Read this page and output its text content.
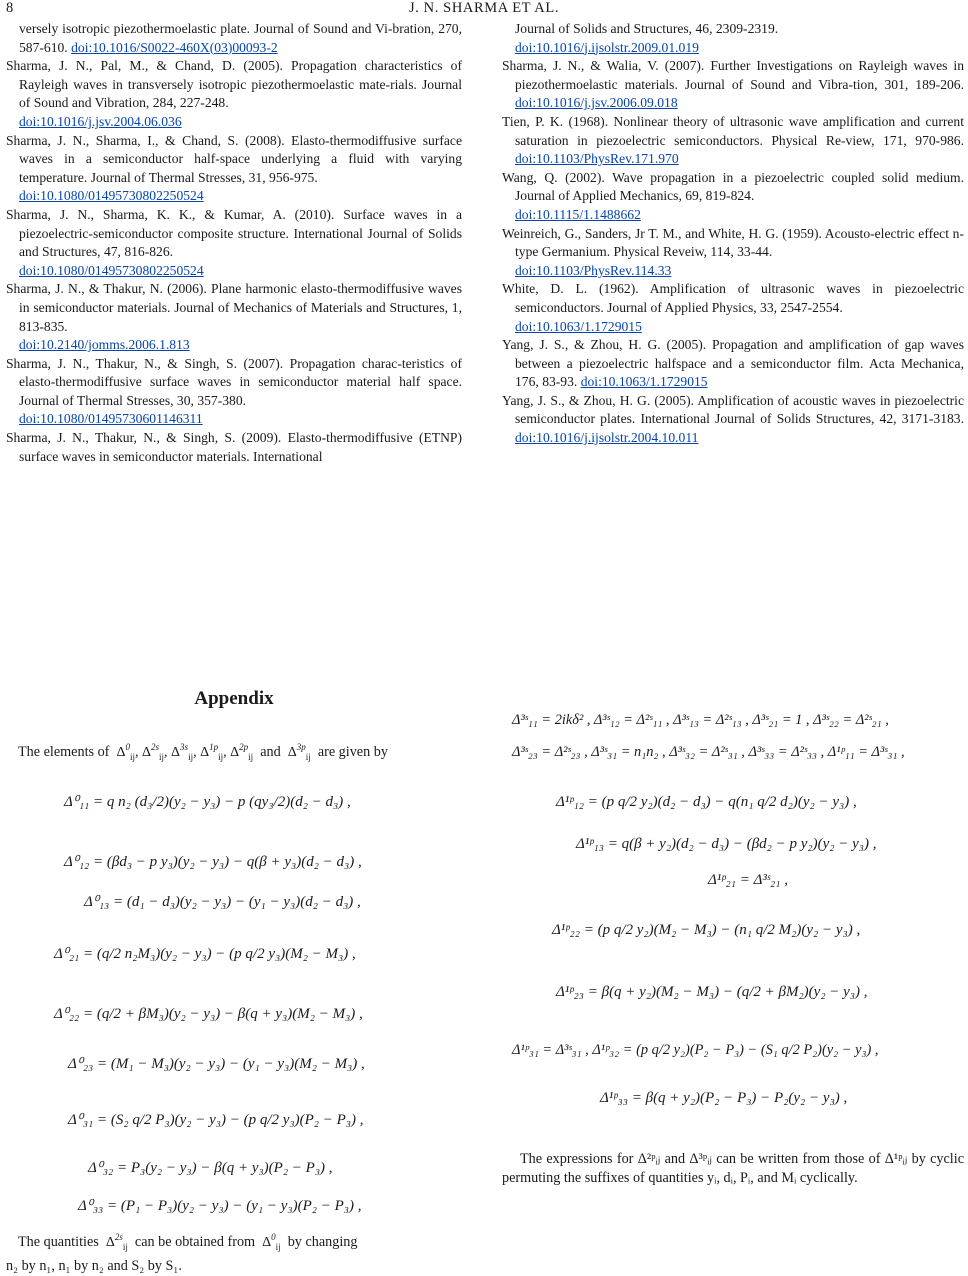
8	J. N. SHARMA ET AL.

versely isotropic piezothermoelastic plate. Journal of Sound and Vi-bration, 270, 587-610. doi:10.1016/S0022-460X(03)00093-2

Sharma, J. N., Pal, M., & Chand, D. (2005). Propagation characteristics of Rayleigh waves in transversely isotropic piezothermoelastic mate-rials. Journal of Sound and Vibration, 284, 227-248.
doi:10.1016/j.jsv.2004.06.036

Sharma, J. N., Sharma, I., & Chand, S. (2008). Elasto-thermodiffusive surface waves in a semiconductor half-space underlying a fluid with varying temperature. Journal of Thermal Stresses, 31, 956-975.
doi:10.1080/01495730802250524

Sharma, J. N., Sharma, K. K., & Kumar, A. (2010). Surface waves in a piezoelectric-semiconductor composite structure. International Journal of Solids and Structures, 47, 816-826.
doi:10.1080/01495730802250524

Sharma, J. N., & Thakur, N. (2006). Plane harmonic elasto-thermodiffusive waves in semiconductor materials. Journal of Mechanics of Materials and Structures, 1, 813-835.
doi:10.2140/jomms.2006.1.813

Sharma, J. N., Thakur, N., & Singh, S. (2007). Propagation charac-teristics of elasto-thermodiffusive surface waves in semiconductor material half space. Journal of Thermal Stresses, 30, 357-380.
doi:10.1080/01495730601146311

Sharma, J. N., Thakur, N., & Singh, S. (2009). Elasto-thermodiffusive (ETNP) surface waves in semiconductor materials. International

Journal of Solids and Structures, 46, 2309-2319.
doi:10.1016/j.ijsolstr.2009.01.019

Sharma, J. N., & Walia, V. (2007). Further Investigations on Rayleigh waves in piezothermoelastic materials. Journal of Sound and Vibra-tion, 301, 189-206. doi:10.1016/j.jsv.2006.09.018

Tien, P. K. (1968). Nonlinear theory of ultrasonic wave amplification and current saturation in piezoelectric semiconductors. Physical Re-view, 171, 970-986. doi:10.1103/PhysRev.171.970

Wang, Q. (2002). Wave propagation in a piezoelectric coupled solid medium. Journal of Applied Mechanics, 69, 819-824.
doi:10.1115/1.1488662

Weinreich, G., Sanders, Jr T. M., and White, H. G. (1959). Acousto-electric effect n-type Germanium. Physical Reveiw, 114, 33-44.
doi:10.1103/PhysRev.114.33

White, D. L. (1962). Amplification of ultrasonic waves in piezoelectric semiconductors. Journal of Applied Physics, 33, 2547-2554.
doi:10.1063/1.1729015

Yang, J. S., & Zhou, H. G. (2005). Propagation and amplification of gap waves between a piezoelectric halfspace and a semiconductor film. Acta Mechanica, 176, 83-93. doi:10.1063/1.1729015

Yang, J. S., & Zhou, H. G. (2005). Amplification of acoustic waves in piezoelectric semiconductor plates. International Journal of Solids Structures, 42, 3171-3183. doi:10.1016/j.ijsolstr.2004.10.011

Appendix
The elements of $\Delta^0_{ij}$, $\Delta^{2s}_{ij}$, $\Delta^{3s}_{ij}$, $\Delta^{1p}_{ij}$, $\Delta^{2p}_{ij}$ and $\Delta^{3p}_{ij}$ are given by
Δ⁰₁₁ = q n₂ (d₃/2)(y₂ − y₃) − p (qy₃/2)(d₂ − d₃) ,
Δ⁰₁₂ = (βd₃ − p y₃)(y₂ − y₃) − q(β + y₃)(d₂ − d₃) ,
Δ⁰₁₃ = (d₁ − d₃)(y₂ − y₃) − (y₁ − y₃)(d₂ − d₃) ,
Δ⁰₂₁ = (q/2 n₂M₃)(y₂ − y₃) − (p q/2 y₃)(M₂ − M₃) ,
Δ⁰₂₂ = (q/2 + βM₃)(y₂ − y₃) − β(q + y₃)(M₂ − M₃) ,
Δ⁰₂₃ = (M₁ − M₃)(y₂ − y₃) − (y₁ − y₃)(M₂ − M₃) ,
Δ⁰₃₁ = (S₂ q/2 P₃)(y₂ − y₃) − (p q/2 y₃)(P₂ − P₃) ,
Δ⁰₃₂ = P₃(y₂ − y₃) − β(q + y₃)(P₂ − P₃) ,
Δ⁰₃₃ = (P₁ − P₃)(y₂ − y₃) − (y₁ − y₃)(P₂ − P₃) ,
The quantities $\Delta^{2s}_{ij}$ can be obtained from $\Delta^0_{ij}$ by changing
n₂ by n₁, n₁ by n₂ and S₂ by S₁.
Δ³ˢ₁₁ = 2ikδ² , Δ³ˢ₁₂ = Δ²ˢ₁₁ , Δ³ˢ₁₃ = Δ²ˢ₁₃ , Δ³ˢ₂₁ = 1 , Δ³ˢ₂₂ = Δ²ˢ₂₁ ,
Δ³ˢ₂₃ = Δ²ˢ₂₃ , Δ³ˢ₃₁ = n₁n₂ , Δ³ˢ₃₂ = Δ²ˢ₃₁ , Δ³ˢ₃₃ = Δ²ˢ₃₃ , Δ¹ᵖ₁₁ = Δ³ˢ₃₁ ,
Δ¹ᵖ₁₂ = (p q/2 y₂)(d₂ − d₃) − q(n₁ q/2 d₂)(y₂ − y₃) ,
Δ¹ᵖ₁₃ = q(β + y₂)(d₂ − d₃) − (βd₂ − p y₂)(y₂ − y₃) ,
Δ¹ᵖ₂₁ = Δ³ˢ₂₁ ,
Δ¹ᵖ₂₂ = (p q/2 y₂)(M₂ − M₃) − (n₁ q/2 M₂)(y₂ − y₃) ,
Δ¹ᵖ₂₃ = β(q + y₂)(M₂ − M₃) − (q/2 + βM₂)(y₂ − y₃) ,
Δ¹ᵖ₃₁ = Δ³ˢ₃₁ , Δ¹ᵖ₃₂ = (p q/2 y₂)(P₂ − P₃) − (S₁ q/2 P₂)(y₂ − y₃) ,
Δ¹ᵖ₃₃ = β(q + y₂)(P₂ − P₃) − P₂(y₂ − y₃) ,
The expressions for Δ²ᵖᵢⱼ and Δ³ᵖᵢⱼ can be written from those of Δ¹ᵖᵢⱼ by cyclic permuting the suffixes of quantities yᵢ, dᵢ, Pᵢ, and Mᵢ cyclically.
